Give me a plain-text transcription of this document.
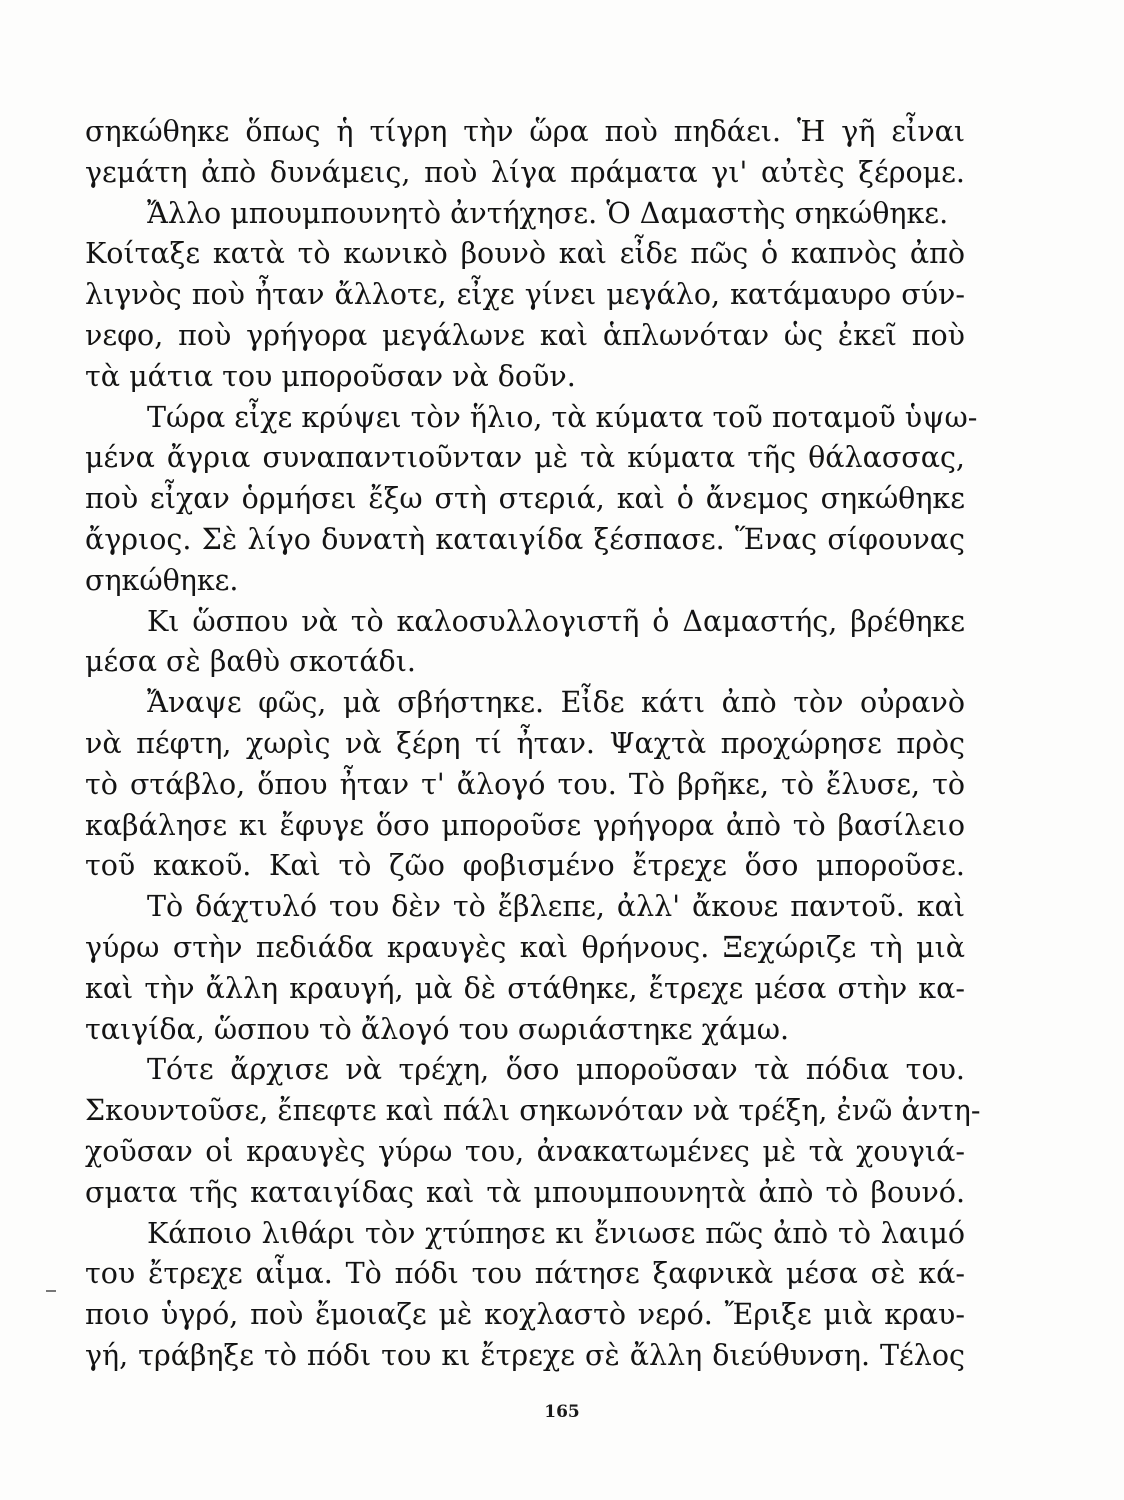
σηκώθηκε ὅπως ἡ τίγρη τὴν ὥρα ποὺ πηδάει. Ἡ γῆ εἶναι
γεμάτη ἀπὸ δυνάμεις, ποὺ λίγα πράματα γι' αὐτὲς ξέρομε.
Ἄλλο μπουμπουνητὸ ἀντήχησε. Ὁ Δαμαστὴς σηκώθηκε.
Κοίταξε κατὰ τὸ κωνικὸ βουνὸ καὶ εἶδε πῶς ὁ καπνὸς ἀπὸ
λιγνὸς ποὺ ἦταν ἄλλοτε, εἶχε γίνει μεγάλο, κατάμαυρο σύν-
νεφο, ποὺ γρήγορα μεγάλωνε καὶ ἁπλωνόταν ὡς ἐκεῖ ποὺ
τὰ μάτια του μποροῦσαν νὰ δοῦν.
Τώρα εἶχε κρύψει τὸν ἥλιο, τὰ κύματα τοῦ ποταμοῦ ὑψω-
μένα ἄγρια συναπαντιοῦνταν μὲ τὰ κύματα τῆς θάλασσας,
ποὺ εἶχαν ὁρμήσει ἔξω στὴ στεριά, καὶ ὁ ἄνεμος σηκώθηκε
ἄγριος. Σὲ λίγο δυνατὴ καταιγίδα ξέσπασε. Ἕνας σίφουνας
σηκώθηκε.
Κι ὥσπου νὰ τὸ καλοσυλλογιστῆ ὁ Δαμαστής, βρέθηκε
μέσα σὲ βαθὺ σκοτάδι.
Ἄναψε φῶς, μὰ σβήστηκε. Εἶδε κάτι ἀπὸ τὸν οὐρανὸ
νὰ πέφτη, χωρὶς νὰ ξέρη τί ἦταν. Ψαχτὰ προχώρησε πρὸς
τὸ στάβλο, ὅπου ἦταν τ' ἄλογό του. Τὸ βρῆκε, τὸ ἔλυσε, τὸ
καβάλησε κι ἔφυγε ὅσο μποροῦσε γρήγορα ἀπὸ τὸ βασίλειο
τοῦ κακοῦ. Καὶ τὸ ζῶο φοβισμένο ἔτρεχε ὅσο μποροῦσε.
Τὸ δάχτυλό του δὲν τὸ ἔβλεπε, ἀλλ' ἄκουε παντοῦ. καὶ
γύρω στὴν πεδιάδα κραυγὲς καὶ θρήνους. Ξεχώριζε τὴ μιὰ
καὶ τὴν ἄλλη κραυγή, μὰ δὲ στάθηκε, ἔτρεχε μέσα στὴν κα-
ταιγίδα, ὥσπου τὸ ἄλογό του σωριάστηκε χάμω.
Τότε ἄρχισε νὰ τρέχη, ὅσο μποροῦσαν τὰ πόδια του.
Σκουντοῦσε, ἔπεφτε καὶ πάλι σηκωνόταν νὰ τρέξη, ἐνῶ ἀντη-
χοῦσαν οἱ κραυγὲς γύρω του, ἀνακατωμένες μὲ τὰ χουγιά-
σματα τῆς καταιγίδας καὶ τὰ μπουμπουνητὰ ἀπὸ τὸ βουνό.
Κάποιο λιθάρι τὸν χτύπησε κι ἔνιωσε πῶς ἀπὸ τὸ λαιμό
του ἔτρεχε αἷμα. Τὸ πόδι του πάτησε ξαφνικὰ μέσα σὲ κά-
ποιο ὑγρό, ποὺ ἔμοιαζε μὲ κοχλαστὸ νερό. Ἔριξε μιὰ κραυ-
γή, τράβηξε τὸ πόδι του κι ἔτρεχε σὲ ἄλλη διεύθυνση. Τέλος
165
